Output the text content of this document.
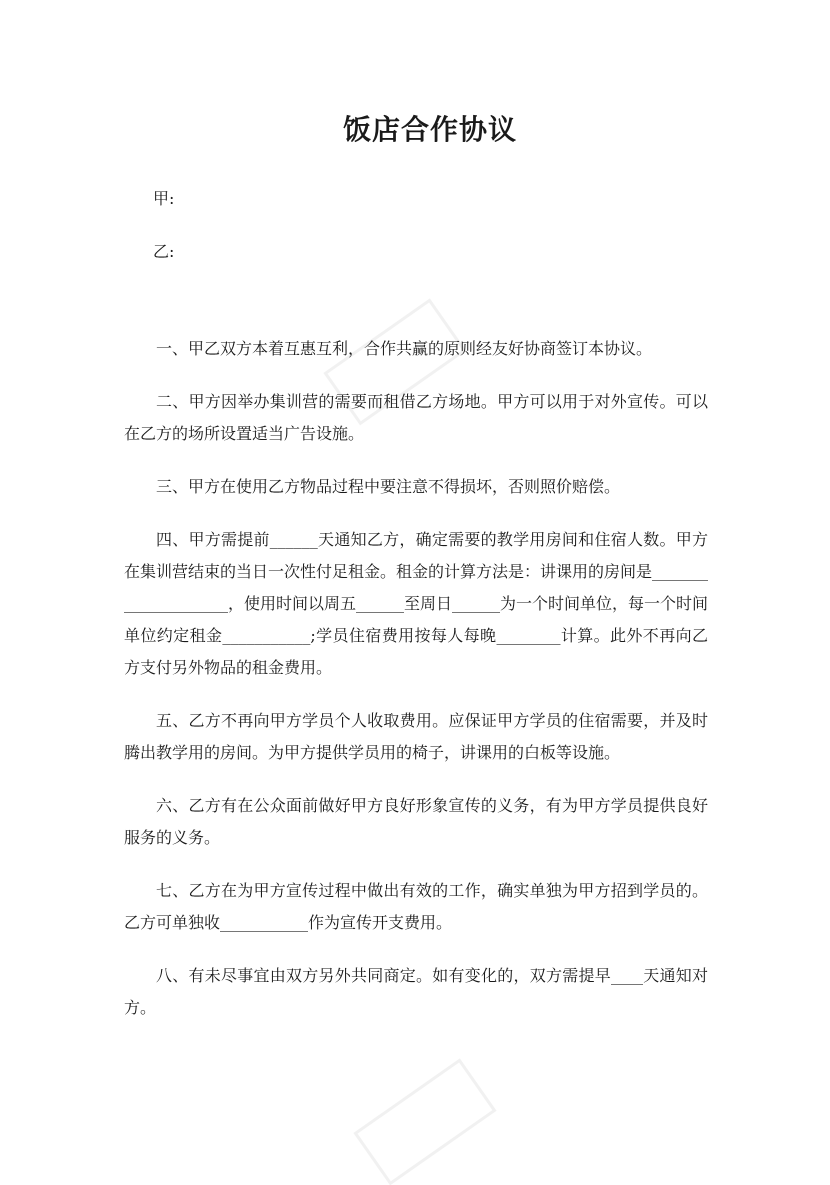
饭店合作协议
甲:
乙:

一、甲乙双方本着互惠互利，合作共赢的原则经友好协商签订本协议。

二、甲方因举办集训营的需要而租借乙方场地。甲方可以用于对外宣传。可以在乙方的场所设置适当广告设施。

三、甲方在使用乙方物品过程中要注意不得损坏，否则照价赔偿。

四、甲方需提前______天通知乙方，确定需要的教学用房间和住宿人数。甲方在集训营结束的当日一次性付足租金。租金的计算方法是：讲课用的房间是____________________，使用时间以周五______至周日______为一个时间单位，每一个时间单位约定租金___________;学员住宿费用按每人每晚________计算。此外不再向乙方支付另外物品的租金费用。

五、乙方不再向甲方学员个人收取费用。应保证甲方学员的住宿需要，并及时腾出教学用的房间。为甲方提供学员用的椅子，讲课用的白板等设施。

六、乙方有在公众面前做好甲方良好形象宣传的义务，有为甲方学员提供良好服务的义务。

七、乙方在为甲方宣传过程中做出有效的工作，确实单独为甲方招到学员的。乙方可单独收___________作为宣传开支费用。

八、有未尽事宜由双方另外共同商定。如有变化的，双方需提早____天通知对方。
